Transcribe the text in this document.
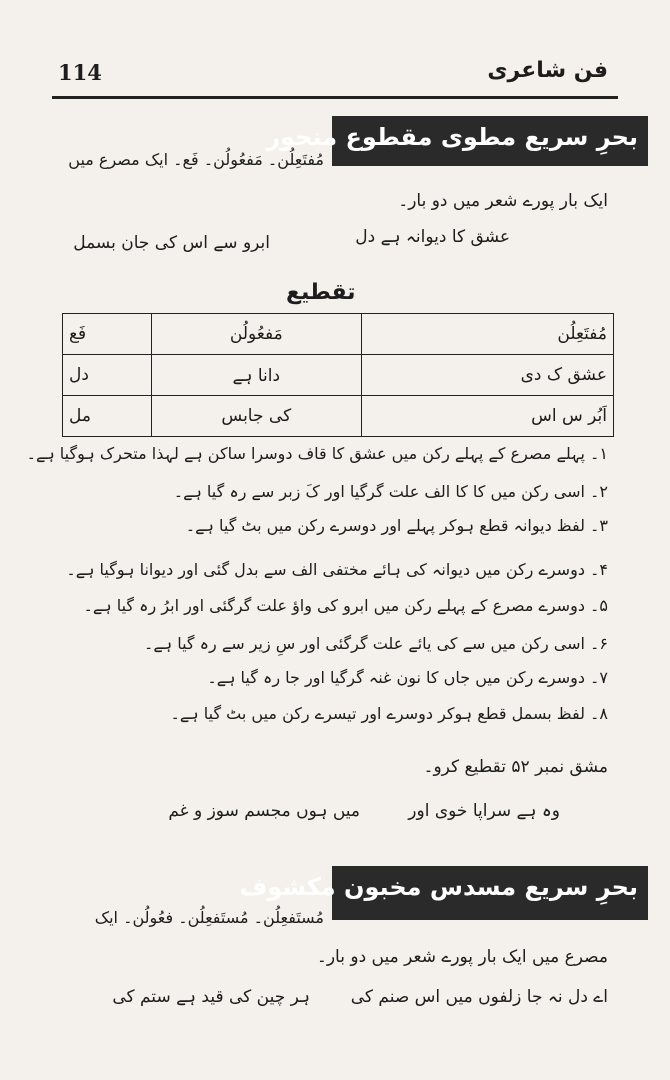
114	فن شاعری
بحرِ سریع مطوی مقطوع منحور
مُفتَعِلُن۔ مَفعُولُن۔ فَع۔ ایک مصرع میں
ایک بار پورے شعر میں دو بار۔
عشق کا دیوانہ ہے دل
ابرو سے اس کی جان بسمل
تقطیع
مُفتَعِلُن	مَفعُولُن	فَع
عشق ک دی	دانا ہے	دل
اَبُر س اس	کی جابس	مل
۱۔ پہلے مصرع کے پہلے رکن میں عشق کا قاف دوسرا ساکن ہے لہذا متحرک ہوگیا ہے۔
۲۔ اسی رکن میں کا کا الف علت گرگیا اور کَ زبر سے رہ گیا ہے۔
۳۔ لفظ دیوانہ قطع ہوکر پہلے اور دوسرے رکن میں بٹ گیا ہے۔
۴۔ دوسرے رکن میں دیوانہ کی ہائے مختفی الف سے بدل گئی اور دیوانا ہوگیا ہے۔
۵۔ دوسرے مصرع کے پہلے رکن میں ابرو کی واؤ علت گرگئی اور ابرُ رہ گیا ہے۔
۶۔ اسی رکن میں سے کی یائے علت گرگئی اور سِ زیر سے رہ گیا ہے۔
۷۔ دوسرے رکن میں جاں کا نون غنہ گرگیا اور جا رہ گیا ہے۔
۸۔ لفظ بسمل قطع ہوکر دوسرے اور تیسرے رکن میں بٹ گیا ہے۔
مشق نمبر ۵۲ تقطیع کرو۔
وہ ہے سراپا خوی اور
میں ہوں مجسم سوز و غم
بحرِ سریع مسدس مخبون مکشوف
مُستَفعِلُن۔ مُستَفعِلُن۔ فعُولُن۔ ایک
مصرع میں ایک بار پورے شعر میں دو بار۔
اے دل نہ جا زلفوں میں اس صنم کی
ہر چین کی قید ہے ستم کی
